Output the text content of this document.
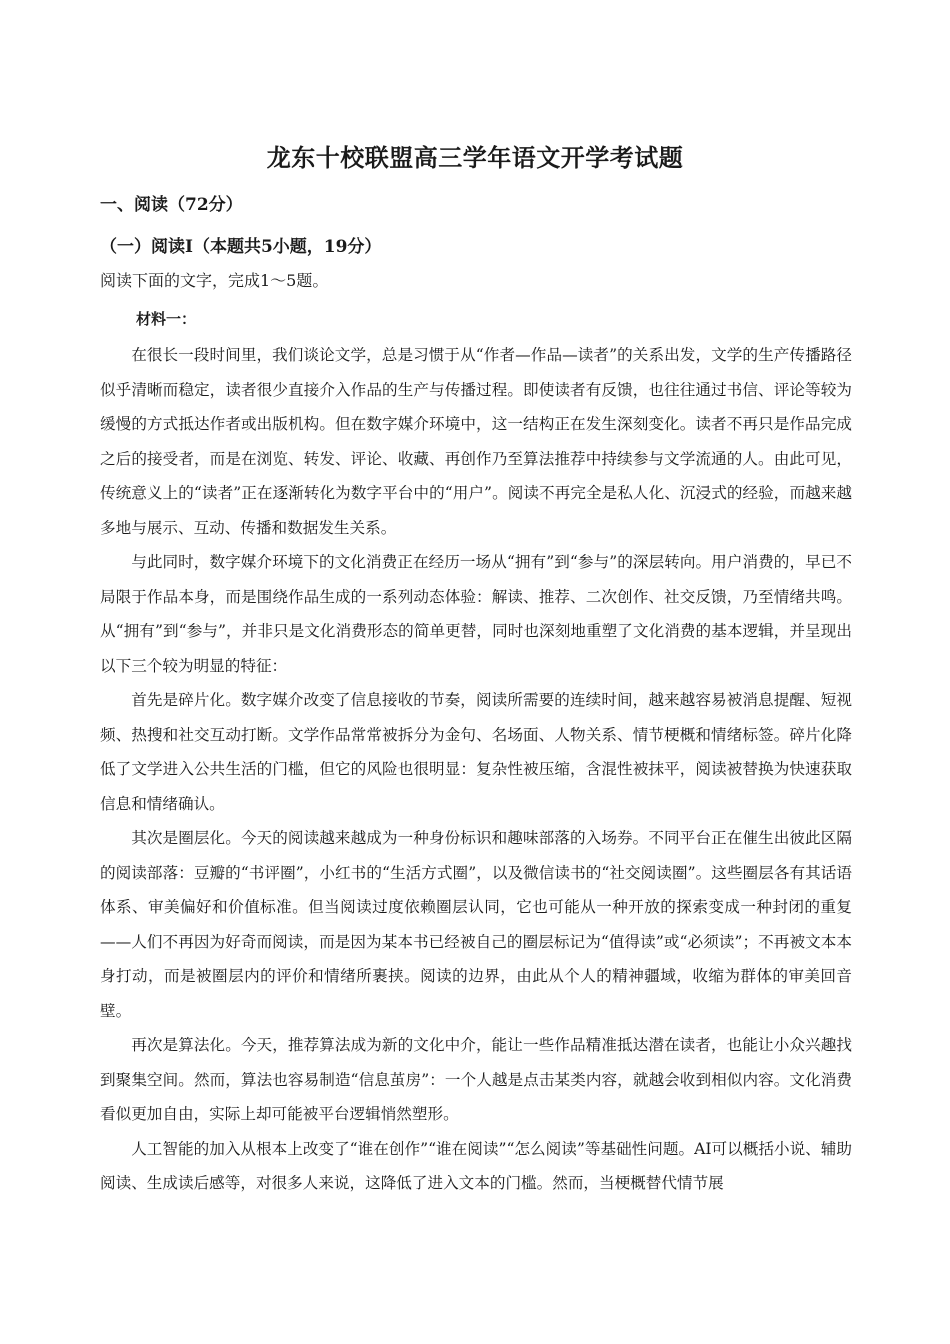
龙东十校联盟高三学年语文开学考试题
一、阅读（72分）
（一）阅读Ⅰ（本题共5小题，19分）
阅读下面的文字，完成1～5题。
材料一：

在很长一段时间里，我们谈论文学，总是习惯于从“作者—作品—读者”的关系出发，文学的生产传播路径似乎清晰而稳定，读者很少直接介入作品的生产与传播过程。即使读者有反馈，也往往通过书信、评论等较为缓慢的方式抵达作者或出版机构。但在数字媒介环境中，这一结构正在发生深刻变化。读者不再只是作品完成之后的接受者，而是在浏览、转发、评论、收藏、再创作乃至算法推荐中持续参与文学流通的人。由此可见，传统意义上的“读者”正在逐渐转化为数字平台中的“用户”。阅读不再完全是私人化、沉浸式的经验，而越来越多地与展示、互动、传播和数据发生关系。

与此同时，数字媒介环境下的文化消费正在经历一场从“拥有”到“参与”的深层转向。用户消费的，早已不局限于作品本身，而是围绕作品生成的一系列动态体验：解读、推荐、二次创作、社交反馈，乃至情绪共鸣。从“拥有”到“参与”，并非只是文化消费形态的简单更替，同时也深刻地重塑了文化消费的基本逻辑，并呈现出以下三个较为明显的特征：

首先是碎片化。数字媒介改变了信息接收的节奏，阅读所需要的连续时间，越来越容易被消息提醒、短视频、热搜和社交互动打断。文学作品常常被拆分为金句、名场面、人物关系、情节梗概和情绪标签。碎片化降低了文学进入公共生活的门槛，但它的风险也很明显：复杂性被压缩，含混性被抹平，阅读被替换为快速获取信息和情绪确认。

其次是圈层化。今天的阅读越来越成为一种身份标识和趣味部落的入场券。不同平台正在催生出彼此区隔的阅读部落：豆瓣的“书评圈”，小红书的“生活方式圈”，以及微信读书的“社交阅读圈”。这些圈层各有其话语体系、审美偏好和价值标准。但当阅读过度依赖圈层认同，它也可能从一种开放的探索变成一种封闭的重复——人们不再因为好奇而阅读，而是因为某本书已经被自己的圈层标记为“值得读”或“必须读”；不再被文本本身打动，而是被圈层内的评价和情绪所裹挟。阅读的边界，由此从个人的精神疆域，收缩为群体的审美回音壁。

再次是算法化。今天，推荐算法成为新的文化中介，能让一些作品精准抵达潜在读者，也能让小众兴趣找到聚集空间。然而，算法也容易制造“信息茧房”：一个人越是点击某类内容，就越会收到相似内容。文化消费看似更加自由，实际上却可能被平台逻辑悄然塑形。

人工智能的加入从根本上改变了“谁在创作”“谁在阅读”“怎么阅读”等基础性问题。AI可以概括小说、辅助阅读、生成读后感等，对很多人来说，这降低了进入文本的门槛。然而，当梗概替代情节展
